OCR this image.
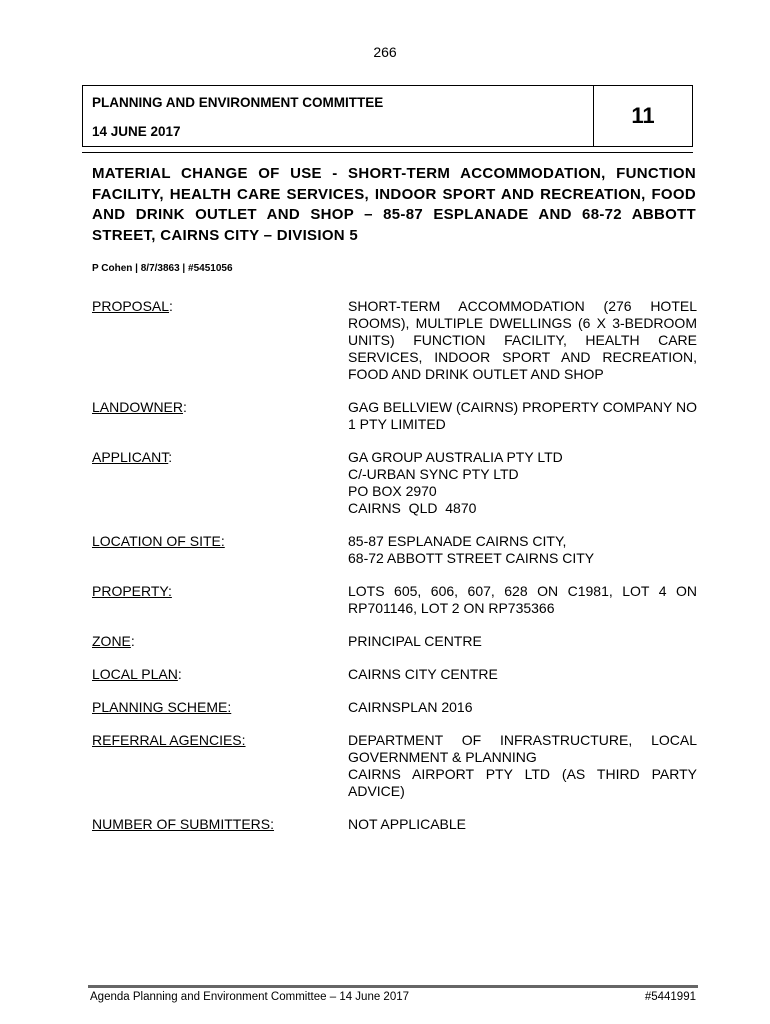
266
PLANNING AND ENVIRONMENT COMMITTEE
14 JUNE 2017
11
MATERIAL CHANGE OF USE - SHORT-TERM ACCOMMODATION, FUNCTION FACILITY, HEALTH CARE SERVICES, INDOOR SPORT AND RECREATION, FOOD AND DRINK OUTLET AND SHOP – 85-87 ESPLANADE AND 68-72 ABBOTT STREET, CAIRNS CITY – DIVISION 5
P Cohen | 8/7/3863 | #5451056
PROPOSAL:	SHORT-TERM ACCOMMODATION (276 HOTEL ROOMS), MULTIPLE DWELLINGS (6 X 3-BEDROOM UNITS) FUNCTION FACILITY, HEALTH CARE SERVICES, INDOOR SPORT AND RECREATION, FOOD AND DRINK OUTLET AND SHOP
LANDOWNER:	GAG BELLVIEW (CAIRNS) PROPERTY COMPANY NO 1 PTY LIMITED
APPLICANT:	GA GROUP AUSTRALIA PTY LTD
C/-URBAN SYNC PTY LTD
PO BOX 2970
CAIRNS  QLD  4870
LOCATION OF SITE:	85-87 ESPLANADE CAIRNS CITY,
68-72 ABBOTT STREET CAIRNS CITY
PROPERTY:	LOTS 605, 606, 607, 628 ON C1981, LOT 4 ON RP701146, LOT 2 ON RP735366
ZONE:	PRINCIPAL CENTRE
LOCAL PLAN:	CAIRNS CITY CENTRE
PLANNING SCHEME:	CAIRNSPLAN 2016
REFERRAL AGENCIES:	DEPARTMENT OF INFRASTRUCTURE, LOCAL GOVERNMENT & PLANNING
CAIRNS AIRPORT PTY LTD (AS THIRD PARTY ADVICE)
NUMBER OF SUBMITTERS:	NOT APPLICABLE
Agenda Planning and Environment Committee – 14 June 2017	#5441991
